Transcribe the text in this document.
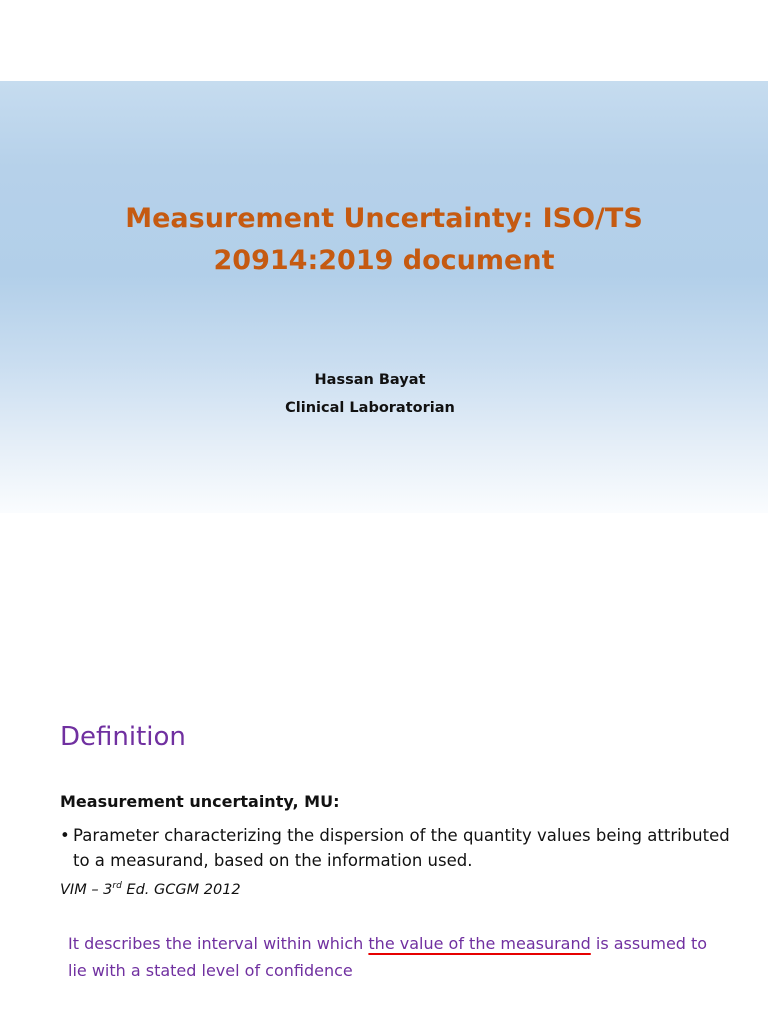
Measurement Uncertainty: ISO/TS
20914:2019 document
Hassan Bayat
Clinical Laboratorian
Definition
Measurement uncertainty, MU:
• Parameter characterizing the dispersion of the quantity values being attributed to a measurand, based on the information used.
VIM – 3rd Ed. GCGM 2012
It describes the interval within which the value of the measurand is assumed to lie with a stated level of confidence
